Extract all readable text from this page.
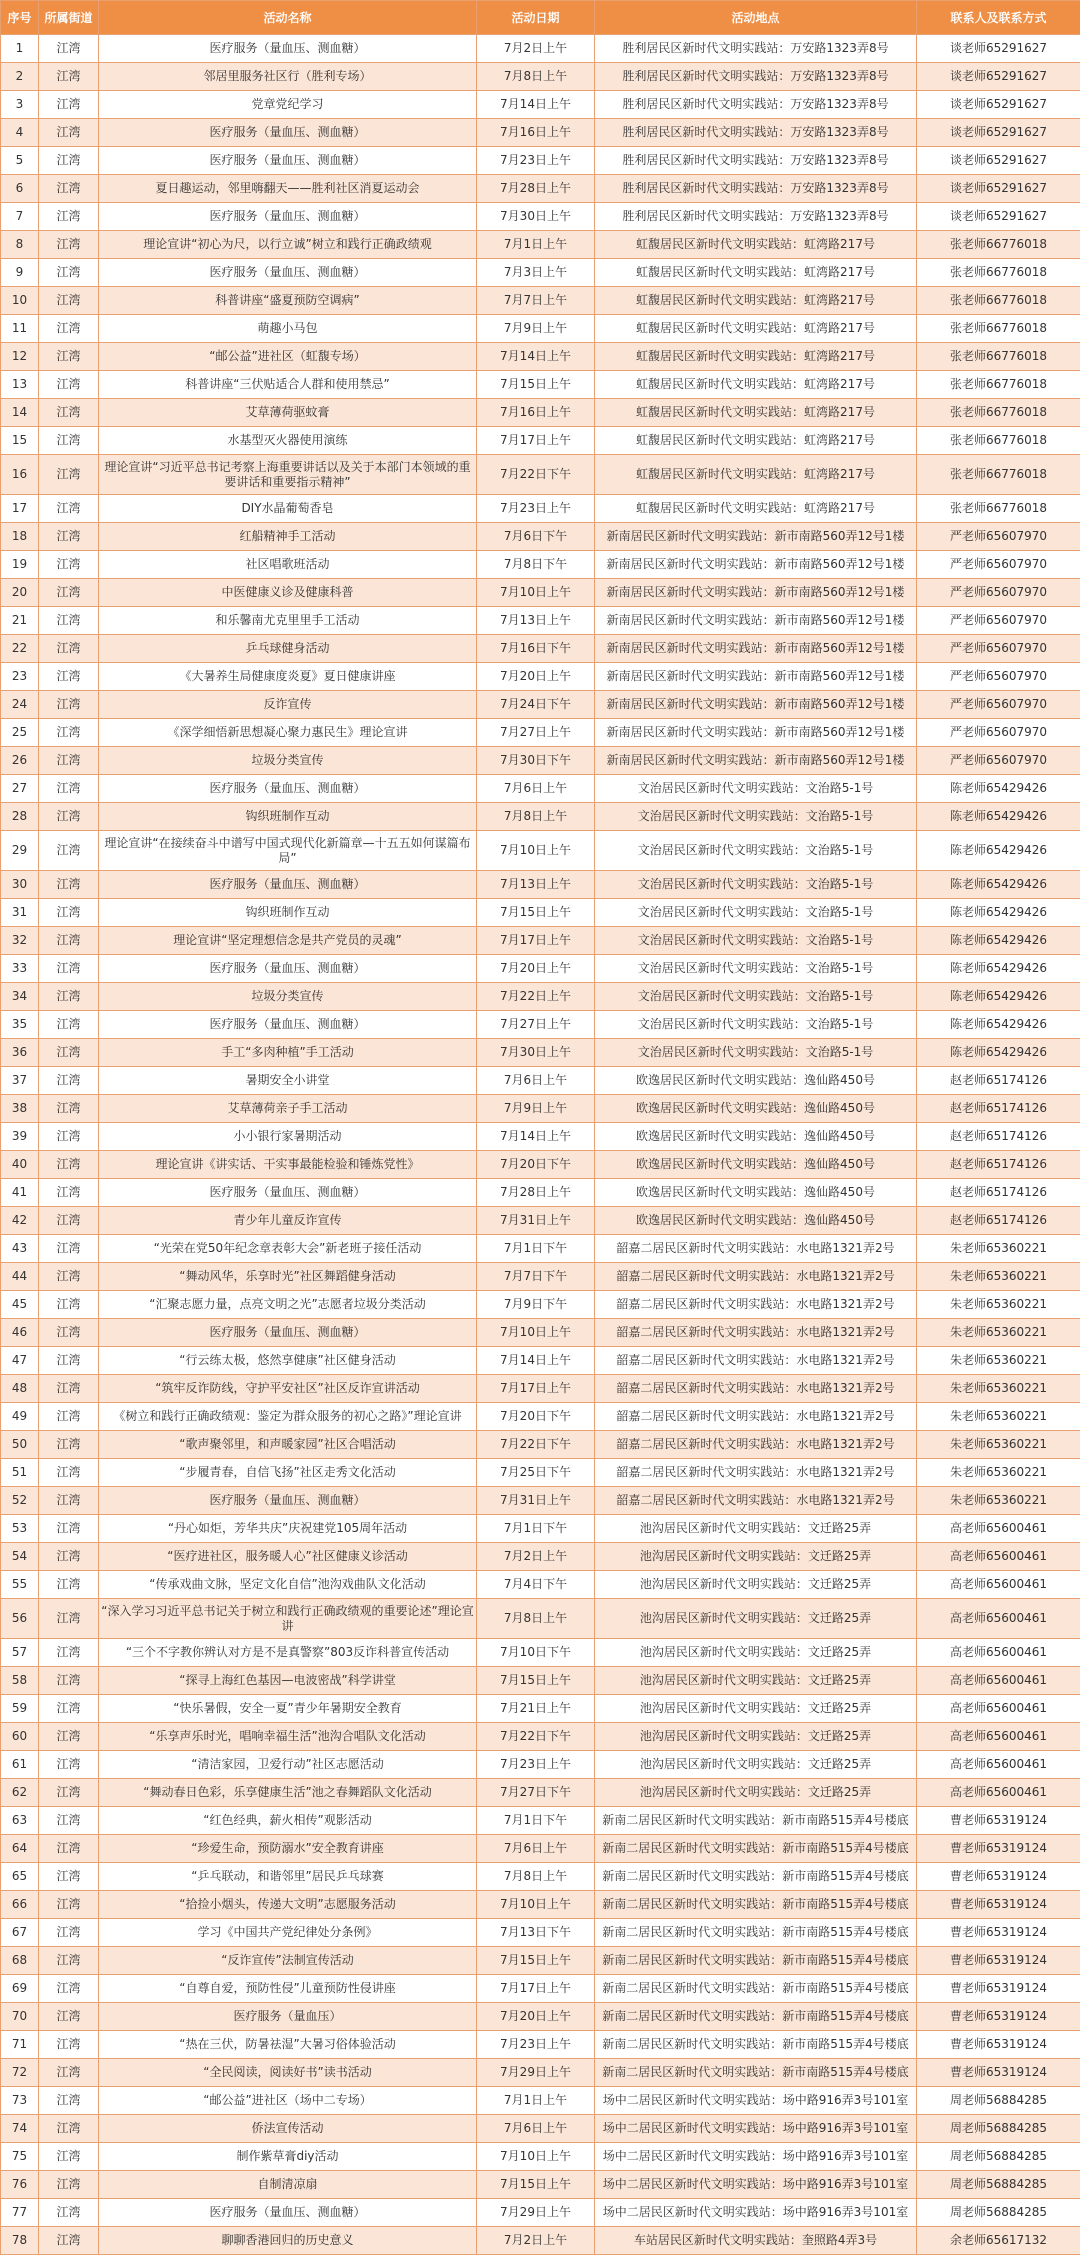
序号	所属街道	活动名称	活动日期	活动地点	联系人及联系方式
1	江湾	医疗服务（量血压、测血糖）	7月2日上午	胜利居民区新时代文明实践站：万安路1323弄8号	谈老师65291627
2	江湾	邻居里服务社区行（胜利专场）	7月8日上午	胜利居民区新时代文明实践站：万安路1323弄8号	谈老师65291627
3	江湾	党章党纪学习	7月14日上午	胜利居民区新时代文明实践站：万安路1323弄8号	谈老师65291627
4	江湾	医疗服务（量血压、测血糖）	7月16日上午	胜利居民区新时代文明实践站：万安路1323弄8号	谈老师65291627
5	江湾	医疗服务（量血压、测血糖）	7月23日上午	胜利居民区新时代文明实践站：万安路1323弄8号	谈老师65291627
6	江湾	夏日趣运动，邻里嗨翻天——胜利社区消夏运动会	7月28日上午	胜利居民区新时代文明实践站：万安路1323弄8号	谈老师65291627
7	江湾	医疗服务（量血压、测血糖）	7月30日上午	胜利居民区新时代文明实践站：万安路1323弄8号	谈老师65291627
8	江湾	理论宣讲“初心为尺，以行立诚”树立和践行正确政绩观	7月1日上午	虹馥居民区新时代文明实践站：虹湾路217号	张老师66776018
9	江湾	医疗服务（量血压、测血糖）	7月3日上午	虹馥居民区新时代文明实践站：虹湾路217号	张老师66776018
10	江湾	科普讲座“盛夏预防空调病”	7月7日上午	虹馥居民区新时代文明实践站：虹湾路217号	张老师66776018
11	江湾	萌趣小马包	7月9日上午	虹馥居民区新时代文明实践站：虹湾路217号	张老师66776018
12	江湾	“邮公益”进社区（虹馥专场）	7月14日上午	虹馥居民区新时代文明实践站：虹湾路217号	张老师66776018
13	江湾	科普讲座“三伏贴适合人群和使用禁忌”	7月15日上午	虹馥居民区新时代文明实践站：虹湾路217号	张老师66776018
14	江湾	艾草薄荷驱蚊膏	7月16日上午	虹馥居民区新时代文明实践站：虹湾路217号	张老师66776018
15	江湾	水基型灭火器使用演练	7月17日上午	虹馥居民区新时代文明实践站：虹湾路217号	张老师66776018
16	江湾	理论宣讲“习近平总书记考察上海重要讲话以及关于本部门本领域的重要讲话和重要指示精神”	7月22日下午	虹馥居民区新时代文明实践站：虹湾路217号	张老师66776018
17	江湾	DIY水晶葡萄香皂	7月23日上午	虹馥居民区新时代文明实践站：虹湾路217号	张老师66776018
18	江湾	红船精神手工活动	7月6日下午	新南居民区新时代文明实践站：新市南路560弄12号1楼	严老师65607970
19	江湾	社区唱歌班活动	7月8日下午	新南居民区新时代文明实践站：新市南路560弄12号1楼	严老师65607970
20	江湾	中医健康义诊及健康科普	7月10日上午	新南居民区新时代文明实践站：新市南路560弄12号1楼	严老师65607970
21	江湾	和乐馨南尤克里里手工活动	7月13日上午	新南居民区新时代文明实践站：新市南路560弄12号1楼	严老师65607970
22	江湾	乒乓球健身活动	7月16日下午	新南居民区新时代文明实践站：新市南路560弄12号1楼	严老师65607970
23	江湾	《大暑养生局健康度炎夏》夏日健康讲座	7月20日上午	新南居民区新时代文明实践站：新市南路560弄12号1楼	严老师65607970
24	江湾	反诈宣传	7月24日下午	新南居民区新时代文明实践站：新市南路560弄12号1楼	严老师65607970
25	江湾	《深学细悟新思想凝心聚力惠民生》理论宣讲	7月27日上午	新南居民区新时代文明实践站：新市南路560弄12号1楼	严老师65607970
26	江湾	垃圾分类宣传	7月30日下午	新南居民区新时代文明实践站：新市南路560弄12号1楼	严老师65607970
27	江湾	医疗服务（量血压、测血糖）	7月6日上午	文治居民区新时代文明实践站：文治路5-1号	陈老师65429426
28	江湾	钩织班制作互动	7月8日上午	文治居民区新时代文明实践站：文治路5-1号	陈老师65429426
29	江湾	理论宣讲“在接续奋斗中谱写中国式现代化新篇章—十五五如何谋篇布局”	7月10日上午	文治居民区新时代文明实践站：文治路5-1号	陈老师65429426
30	江湾	医疗服务（量血压、测血糖）	7月13日上午	文治居民区新时代文明实践站：文治路5-1号	陈老师65429426
31	江湾	钩织班制作互动	7月15日上午	文治居民区新时代文明实践站：文治路5-1号	陈老师65429426
32	江湾	理论宣讲“坚定理想信念是共产党员的灵魂”	7月17日上午	文治居民区新时代文明实践站：文治路5-1号	陈老师65429426
33	江湾	医疗服务（量血压、测血糖）	7月20日上午	文治居民区新时代文明实践站：文治路5-1号	陈老师65429426
34	江湾	垃圾分类宣传	7月22日上午	文治居民区新时代文明实践站：文治路5-1号	陈老师65429426
35	江湾	医疗服务（量血压、测血糖）	7月27日上午	文治居民区新时代文明实践站：文治路5-1号	陈老师65429426
36	江湾	手工“多肉种植”手工活动	7月30日上午	文治居民区新时代文明实践站：文治路5-1号	陈老师65429426
37	江湾	暑期安全小讲堂	7月6日上午	欧逸居民区新时代文明实践站：逸仙路450号	赵老师65174126
38	江湾	艾草薄荷亲子手工活动	7月9日上午	欧逸居民区新时代文明实践站：逸仙路450号	赵老师65174126
39	江湾	小小银行家暑期活动	7月14日上午	欧逸居民区新时代文明实践站：逸仙路450号	赵老师65174126
40	江湾	理论宣讲《讲实话、干实事最能检验和锤炼党性》	7月20日下午	欧逸居民区新时代文明实践站：逸仙路450号	赵老师65174126
41	江湾	医疗服务（量血压、测血糖）	7月28日上午	欧逸居民区新时代文明实践站：逸仙路450号	赵老师65174126
42	江湾	青少年儿童反诈宣传	7月31日上午	欧逸居民区新时代文明实践站：逸仙路450号	赵老师65174126
43	江湾	“光荣在党50年纪念章表彰大会”新老班子接任活动	7月1日下午	韶嘉二居民区新时代文明实践站：水电路1321弄2号	朱老师65360221
44	江湾	“舞动风华，乐享时光”社区舞蹈健身活动	7月7日下午	韶嘉二居民区新时代文明实践站：水电路1321弄2号	朱老师65360221
45	江湾	“汇聚志愿力量，点亮文明之光”志愿者垃圾分类活动	7月9日下午	韶嘉二居民区新时代文明实践站：水电路1321弄2号	朱老师65360221
46	江湾	医疗服务（量血压、测血糖）	7月10日上午	韶嘉二居民区新时代文明实践站：水电路1321弄2号	朱老师65360221
47	江湾	“行云练太极，悠然享健康”社区健身活动	7月14日上午	韶嘉二居民区新时代文明实践站：水电路1321弄2号	朱老师65360221
48	江湾	“筑牢反诈防线，守护平安社区”社区反诈宣讲活动	7月17日上午	韶嘉二居民区新时代文明实践站：水电路1321弄2号	朱老师65360221
49	江湾	《树立和践行正确政绩观：鉴定为群众服务的初心之路》”理论宣讲	7月20日下午	韶嘉二居民区新时代文明实践站：水电路1321弄2号	朱老师65360221
50	江湾	“歌声聚邻里，和声暖家园”社区合唱活动	7月22日下午	韶嘉二居民区新时代文明实践站：水电路1321弄2号	朱老师65360221
51	江湾	“步履青春，自信飞扬”社区走秀文化活动	7月25日下午	韶嘉二居民区新时代文明实践站：水电路1321弄2号	朱老师65360221
52	江湾	医疗服务（量血压、测血糖）	7月31日上午	韶嘉二居民区新时代文明实践站：水电路1321弄2号	朱老师65360221
53	江湾	“丹心如炬，芳华共庆”庆祝建党105周年活动	7月1日下午	池沟居民区新时代文明实践站：文迁路25弄	高老师65600461
54	江湾	“医疗进社区，服务暖人心”社区健康义诊活动	7月2日上午	池沟居民区新时代文明实践站：文迁路25弄	高老师65600461
55	江湾	“传承戏曲文脉，坚定文化自信”池沟戏曲队文化活动	7月4日下午	池沟居民区新时代文明实践站：文迁路25弄	高老师65600461
56	江湾	“深入学习习近平总书记关于树立和践行正确政绩观的重要论述”理论宣讲	7月8日上午	池沟居民区新时代文明实践站：文迁路25弄	高老师65600461
57	江湾	“三个不字教你辨认对方是不是真警察”803反诈科普宣传活动	7月10日下午	池沟居民区新时代文明实践站：文迁路25弄	高老师65600461
58	江湾	“探寻上海红色基因—电波密战”科学讲堂	7月15日上午	池沟居民区新时代文明实践站：文迁路25弄	高老师65600461
59	江湾	“快乐暑假，安全一夏”青少年暑期安全教育	7月21日上午	池沟居民区新时代文明实践站：文迁路25弄	高老师65600461
60	江湾	“乐享声乐时光，唱响幸福生活”池沟合唱队文化活动	7月22日下午	池沟居民区新时代文明实践站：文迁路25弄	高老师65600461
61	江湾	“清洁家园，卫爱行动”社区志愿活动	7月23日上午	池沟居民区新时代文明实践站：文迁路25弄	高老师65600461
62	江湾	“舞动春日色彩，乐享健康生活”池之春舞蹈队文化活动	7月27日下午	池沟居民区新时代文明实践站：文迁路25弄	高老师65600461
63	江湾	“红色经典，薪火相传”观影活动	7月1日下午	新南二居民区新时代文明实践站：新市南路515弄4号楼底	曹老师65319124
64	江湾	“珍爱生命，预防溺水”安全教育讲座	7月6日上午	新南二居民区新时代文明实践站：新市南路515弄4号楼底	曹老师65319124
65	江湾	“乒乓联动，和谐邻里”居民乒乓球赛	7月8日上午	新南二居民区新时代文明实践站：新市南路515弄4号楼底	曹老师65319124
66	江湾	“拾捡小烟头，传递大文明”志愿服务活动	7月10日上午	新南二居民区新时代文明实践站：新市南路515弄4号楼底	曹老师65319124
67	江湾	学习《中国共产党纪律处分条例》	7月13日下午	新南二居民区新时代文明实践站：新市南路515弄4号楼底	曹老师65319124
68	江湾	“反诈宣传”法制宣传活动	7月15日上午	新南二居民区新时代文明实践站：新市南路515弄4号楼底	曹老师65319124
69	江湾	“自尊自爱，预防性侵”儿童预防性侵讲座	7月17日上午	新南二居民区新时代文明实践站：新市南路515弄4号楼底	曹老师65319124
70	江湾	医疗服务（量血压）	7月20日上午	新南二居民区新时代文明实践站：新市南路515弄4号楼底	曹老师65319124
71	江湾	“热在三伏，防暑祛湿”大暑习俗体验活动	7月23日上午	新南二居民区新时代文明实践站：新市南路515弄4号楼底	曹老师65319124
72	江湾	“全民阅读，阅读好书”读书活动	7月29日上午	新南二居民区新时代文明实践站：新市南路515弄4号楼底	曹老师65319124
73	江湾	“邮公益”进社区（场中二专场）	7月1日上午	场中二居民区新时代文明实践站：场中路916弄3号101室	周老师56884285
74	江湾	侨法宣传活动	7月6日上午	场中二居民区新时代文明实践站：场中路916弄3号101室	周老师56884285
75	江湾	制作紫草膏diy活动	7月10日上午	场中二居民区新时代文明实践站：场中路916弄3号101室	周老师56884285
76	江湾	自制清凉扇	7月15日上午	场中二居民区新时代文明实践站：场中路916弄3号101室	周老师56884285
77	江湾	医疗服务（量血压、测血糖）	7月29日上午	场中二居民区新时代文明实践站：场中路916弄3号101室	周老师56884285
78	江湾	聊聊香港回归的历史意义	7月2日上午	车站居民区新时代文明实践站：奎照路4弄3号	余老师65617132
